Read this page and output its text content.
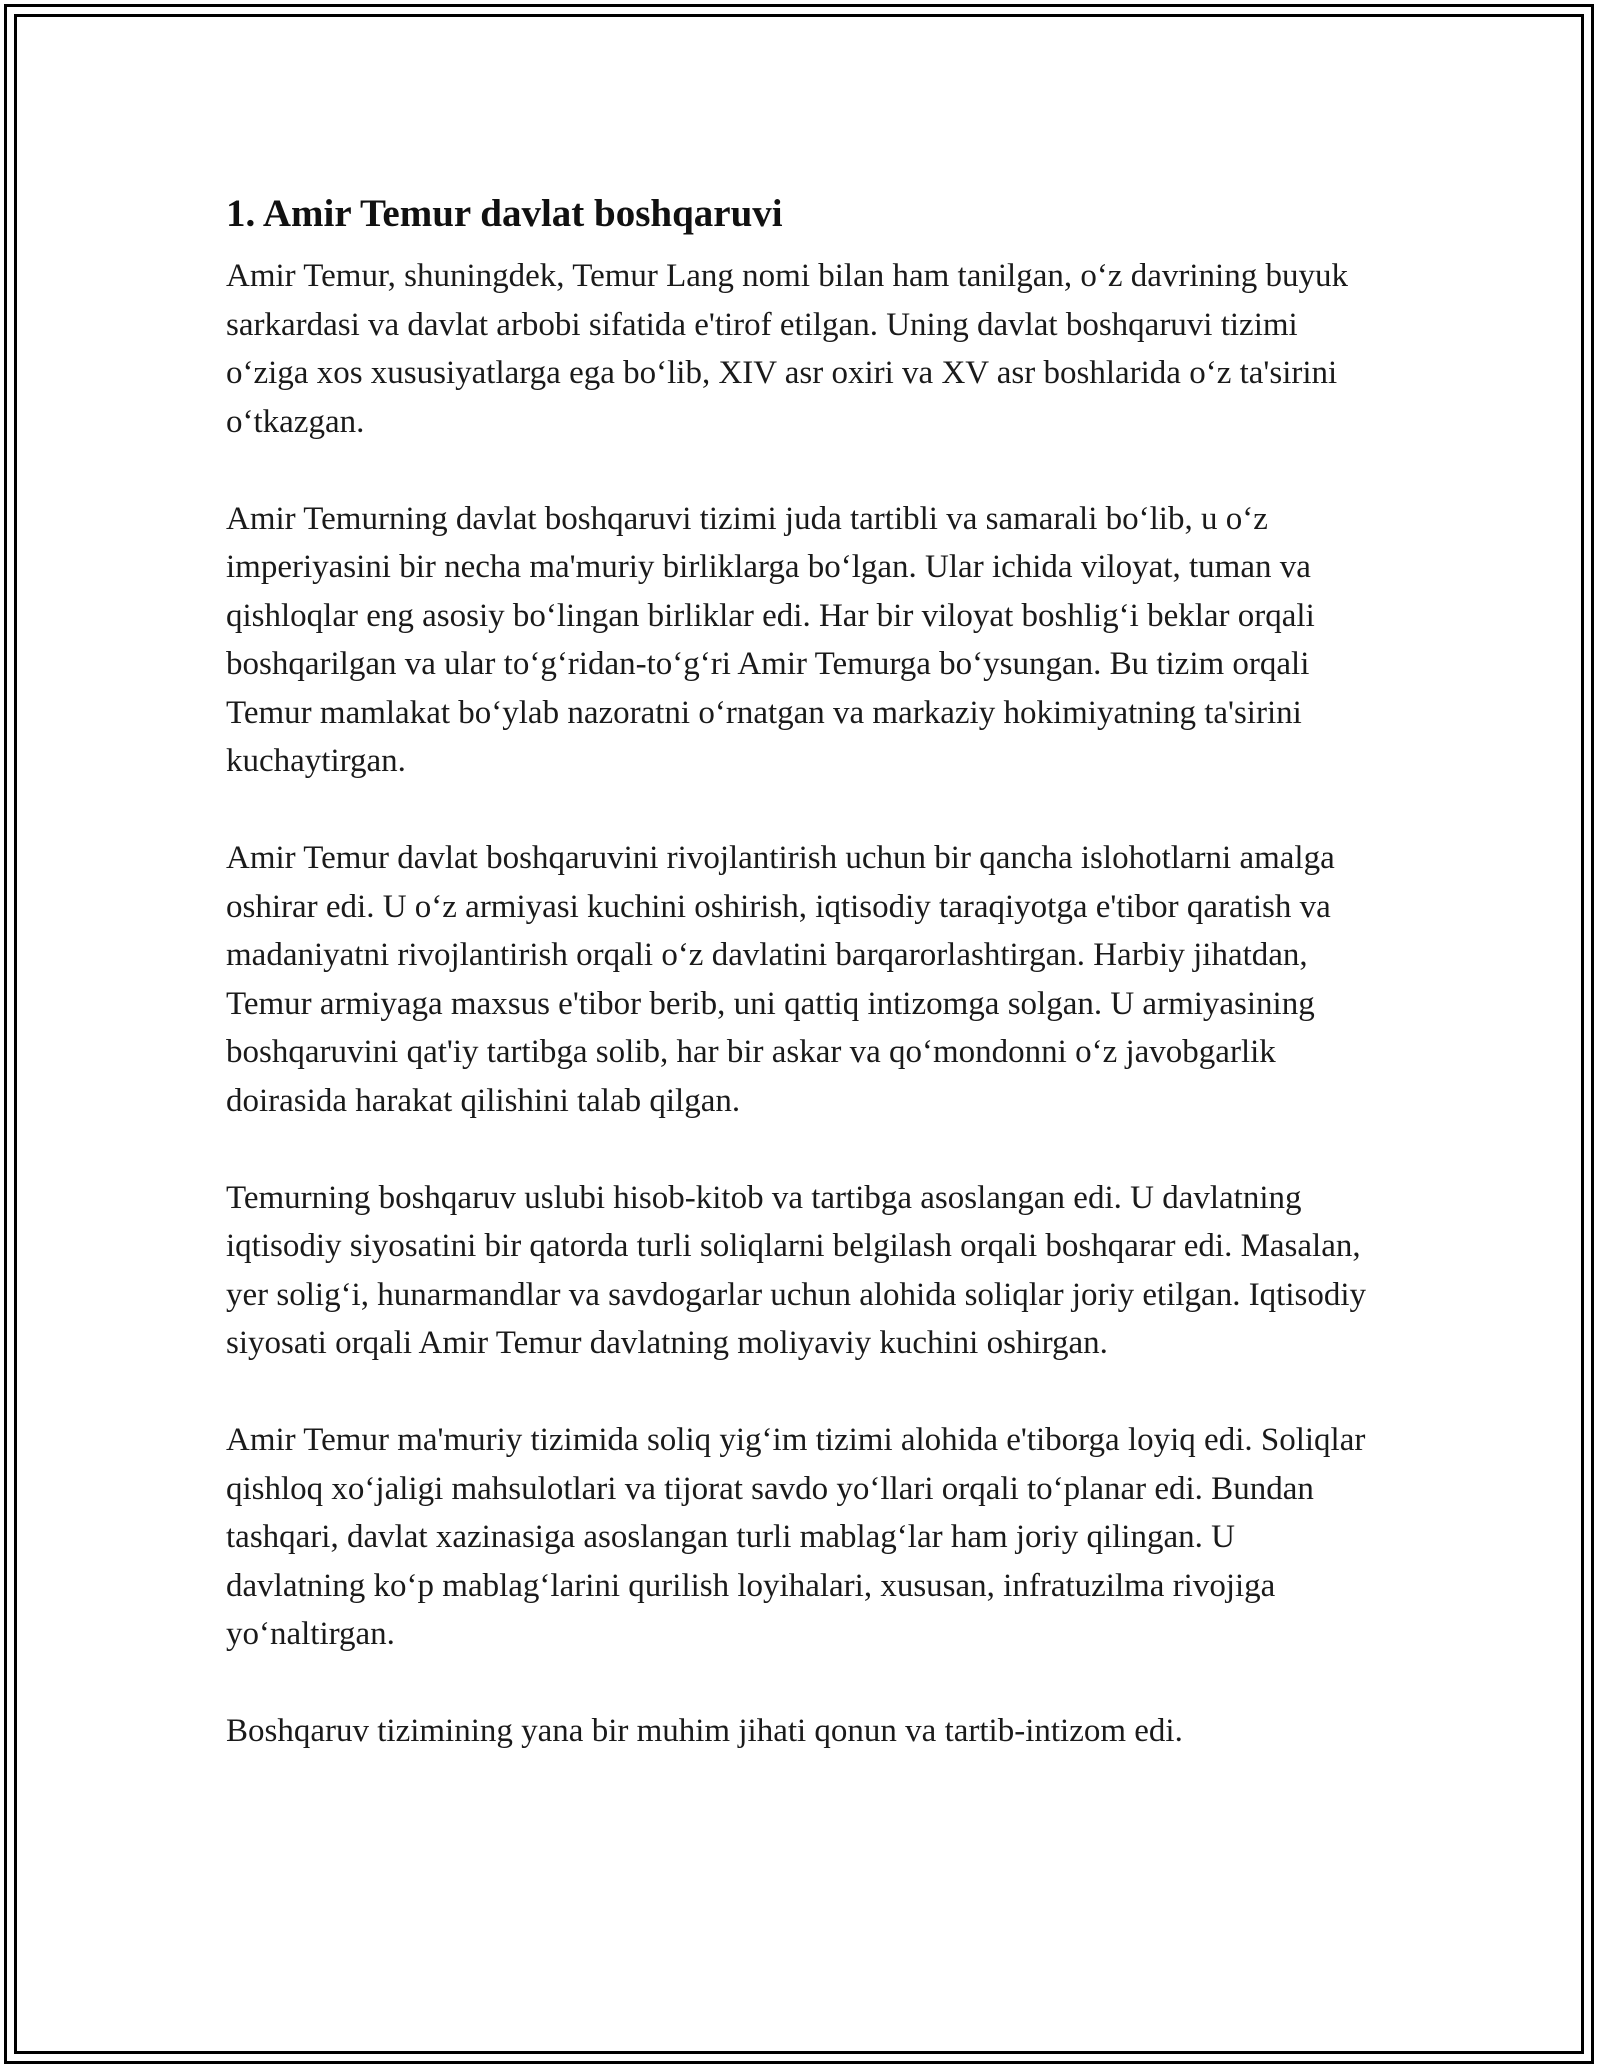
1. Amir Temur davlat boshqaruvi

Amir Temur, shuningdek, Temur Lang nomi bilan ham tanilgan, o‘z davrining buyuk sarkardasi va davlat arbobi sifatida e'tirof etilgan. Uning davlat boshqaruvi tizimi o‘ziga xos xususiyatlarga ega bo‘lib, XIV asr oxiri va XV asr boshlarida o‘z ta'sirini o‘tkazgan.

Amir Temurning davlat boshqaruvi tizimi juda tartibli va samarali bo‘lib, u o‘z imperiyasini bir necha ma'muriy birliklarga bo‘lgan. Ular ichida viloyat, tuman va qishloqlar eng asosiy bo‘lingan birliklar edi. Har bir viloyat boshlig‘i beklar orqali boshqarilgan va ular to‘g‘ridan-to‘g‘ri Amir Temurga bo‘ysungan. Bu tizim orqali Temur mamlakat bo‘ylab nazoratni o‘rnatgan va markaziy hokimiyatning ta'sirini kuchaytirgan.

Amir Temur davlat boshqaruvini rivojlantirish uchun bir qancha islohotlarni amalga oshirar edi. U o‘z armiyasi kuchini oshirish, iqtisodiy taraqiyotga e'tibor qaratish va madaniyatni rivojlantirish orqali o‘z davlatini barqarorlashtirgan. Harbiy jihatdan, Temur armiyaga maxsus e'tibor berib, uni qattiq intizomga solgan. U armiyasining boshqaruvini qat'iy tartibga solib, har bir askar va qo‘mondonni o‘z javobgarlik doirasida harakat qilishini talab qilgan.

Temurning boshqaruv uslubi hisob-kitob va tartibga asoslangan edi. U davlatning iqtisodiy siyosatini bir qatorda turli soliqlarni belgilash orqali boshqarar edi. Masalan, yer solig‘i, hunarmandlar va savdogarlar uchun alohida soliqlar joriy etilgan. Iqtisodiy siyosati orqali Amir Temur davlatning moliyaviy kuchini oshirgan.

Amir Temur ma'muriy tizimida soliq yig‘im tizimi alohida e'tiborga loyiq edi. Soliqlar qishloq xo‘jaligi mahsulotlari va tijorat savdo yo‘llari orqali to‘planar edi. Bundan tashqari, davlat xazinasiga asoslangan turli mablag‘lar ham joriy qilingan. U davlatning ko‘p mablag‘larini qurilish loyihalari, xususan, infratuzilma rivojiga yo‘naltirgan.

Boshqaruv tizimining yana bir muhim jihati qonun va tartib-intizom edi.
